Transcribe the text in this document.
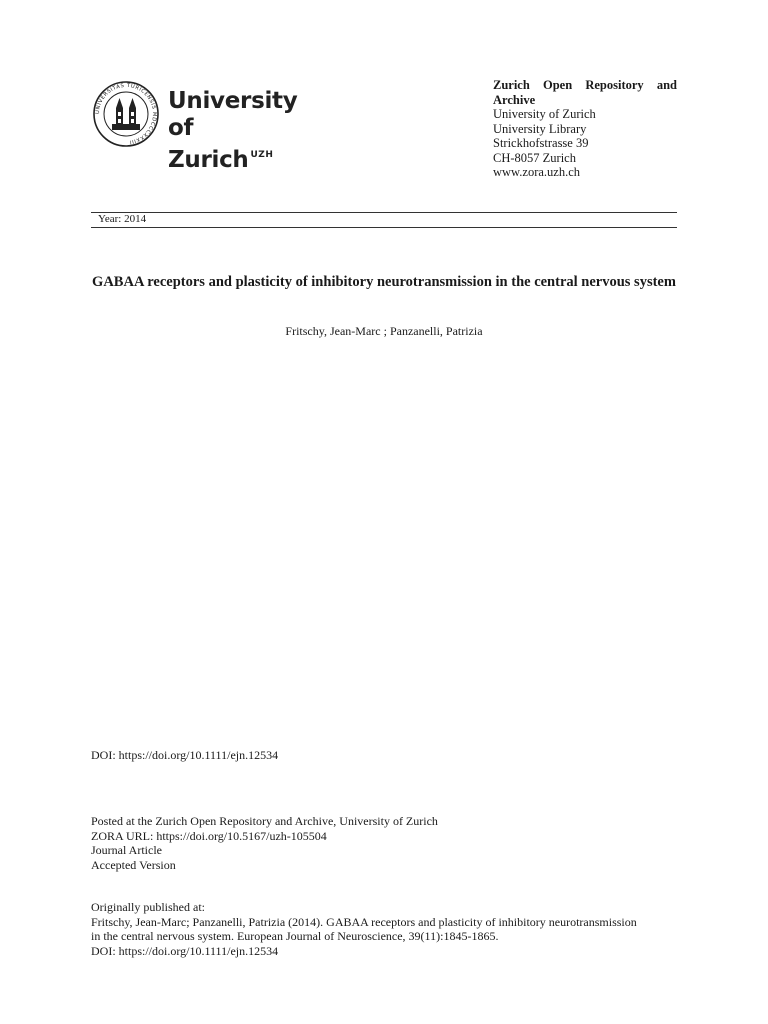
UNIVERSITAS TURICENSIS MDCCCXXXIII
University of
Zurich $^{UZH}$
Zurich Open Repository and Archive
University of Zurich
University Library
Strickhofstrasse 39
CH-8057 Zurich
www.zora.uzh.ch
Year: 2014
GABAA receptors and plasticity of inhibitory neurotransmission in the central nervous system
Fritschy, Jean-Marc ; Panzanelli, Patrizia
DOI: https://doi.org/10.1111/ejn.12534
Posted at the Zurich Open Repository and Archive, University of Zurich
ZORA URL: https://doi.org/10.5167/uzh-105504
Journal Article
Accepted Version
Originally published at:
Fritschy, Jean-Marc; Panzanelli, Patrizia (2014). GABAA receptors and plasticity of inhibitory neurotransmission
in the central nervous system. European Journal of Neuroscience, 39(11):1845-1865.
DOI: https://doi.org/10.1111/ejn.12534
